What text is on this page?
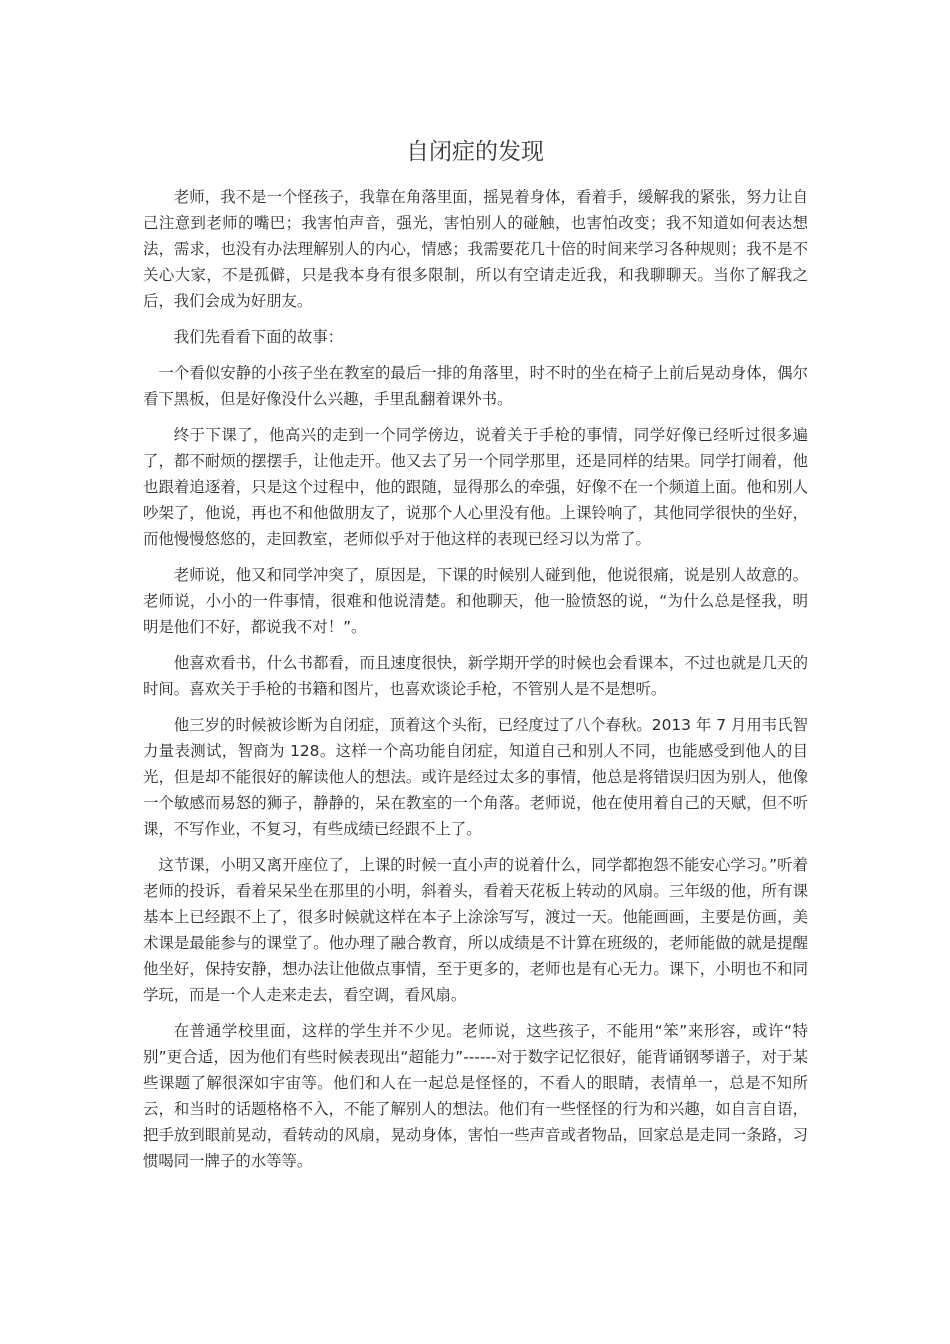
自闭症的发现

老师，我不是一个怪孩子，我靠在角落里面，摇晃着身体，看着手，缓解我的紧张，努力让自己注意到老师的嘴巴；我害怕声音，强光，害怕别人的碰触，也害怕改变；我不知道如何表达想法，需求，也没有办法理解别人的内心，情感；我需要花几十倍的时间来学习各种规则；我不是不关心大家，不是孤僻，只是我本身有很多限制，所以有空请走近我，和我聊聊天。当你了解我之后，我们会成为好朋友。

我们先看看下面的故事：

一个看似安静的小孩子坐在教室的最后一排的角落里，时不时的坐在椅子上前后晃动身体，偶尔看下黑板，但是好像没什么兴趣，手里乱翻着课外书。

终于下课了，他高兴的走到一个同学傍边，说着关于手枪的事情，同学好像已经听过很多遍了，都不耐烦的摆摆手，让他走开。他又去了另一个同学那里，还是同样的结果。同学打闹着，他也跟着追逐着，只是这个过程中，他的跟随，显得那么的牵强，好像不在一个频道上面。他和别人吵架了，他说，再也不和他做朋友了，说那个人心里没有他。上课铃响了，其他同学很快的坐好，而他慢慢悠悠的，走回教室，老师似乎对于他这样的表现已经习以为常了。

老师说，他又和同学冲突了，原因是，下课的时候别人碰到他，他说很痛，说是别人故意的。老师说，小小的一件事情，很难和他说清楚。和他聊天，他一脸愤怒的说，“为什么总是怪我，明明是他们不好，都说我不对！”。

他喜欢看书，什么书都看，而且速度很快，新学期开学的时候也会看课本，不过也就是几天的时间。喜欢关于手枪的书籍和图片，也喜欢谈论手枪，不管别人是不是想听。

他三岁的时候被诊断为自闭症，顶着这个头衔，已经度过了八个春秋。2013 年 7 月用韦氏智力量表测试，智商为 128。这样一个高功能自闭症，知道自己和别人不同，也能感受到他人的目光，但是却不能很好的解读他人的想法。或许是经过太多的事情，他总是将错误归因为别人，他像一个敏感而易怒的狮子，静静的，呆在教室的一个角落。老师说，他在使用着自己的天赋，但不听课，不写作业，不复习，有些成绩已经跟不上了。

这节课，小明又离开座位了，上课的时候一直小声的说着什么，同学都抱怨不能安心学习。”听着老师的投诉，看着呆呆坐在那里的小明，斜着头，看着天花板上转动的风扇。三年级的他，所有课基本上已经跟不上了，很多时候就这样在本子上涂涂写写，渡过一天。他能画画，主要是仿画，美术课是最能参与的课堂了。他办理了融合教育，所以成绩是不计算在班级的，老师能做的就是提醒他坐好，保持安静，想办法让他做点事情，至于更多的，老师也是有心无力。课下，小明也不和同学玩，而是一个人走来走去，看空调，看风扇。

在普通学校里面，这样的学生并不少见。老师说，这些孩子，不能用“笨”来形容，或许“特别”更合适，因为他们有些时候表现出“超能力”------对于数字记忆很好，能背诵钢琴谱子，对于某些课题了解很深如宇宙等。他们和人在一起总是怪怪的，不看人的眼睛，表情单一，总是不知所云，和当时的话题格格不入，不能了解别人的想法。他们有一些怪怪的行为和兴趣，如自言自语，把手放到眼前晃动，看转动的风扇，晃动身体，害怕一些声音或者物品，回家总是走同一条路，习惯喝同一牌子的水等等。
